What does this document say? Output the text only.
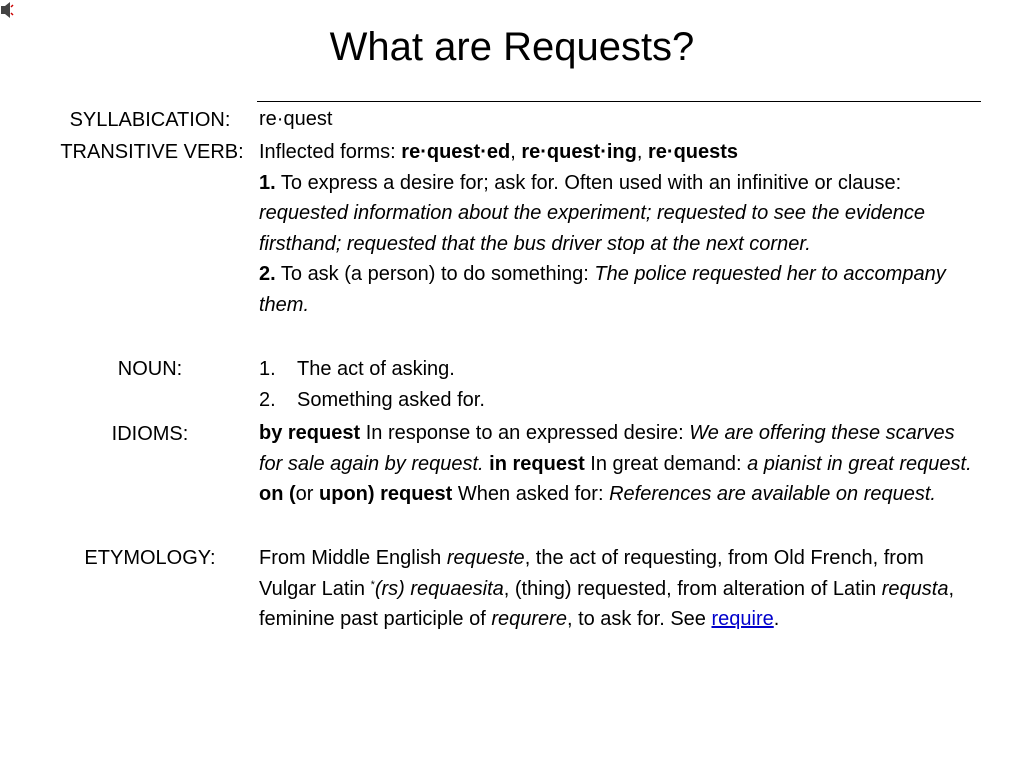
What are Requests?
SYLLABICATION:	re·quest
TRANSITIVE VERB: Inflected forms: re·quest·ed, re·quest·ing, re·quests

1. To express a desire for; ask for. Often used with an infinitive or clause: requested information about the experiment; requested to see the evidence firsthand; requested that the bus driver stop at the next corner.

2. To ask (a person) to do something: The police requested her to accompany them.

NOUN:	1. The act of asking.

2. Something asked for.

IDIOMS:	by request In response to an expressed desire: We are offering these scarves for sale again by request. in request In great demand: a pianist in great request. on (or upon) request When asked for: References are available on request.

ETYMOLOGY:	From Middle English requeste, the act of requesting, from Old French, from Vulgar Latin *(rs) requaesita, (thing) requested, from alteration of Latin requsta, feminine past participle of requrere, to ask for. See require.
